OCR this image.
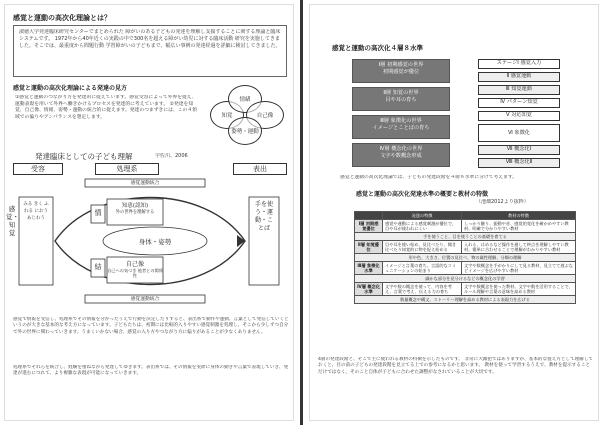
感覚と運動の高次化理論とは？
淑徳大学発達臨床研究センターでまとめられた 障がいのある子どもの発達を理解し支援することに関する理論と臨床システムです。 1972年から40年近くの実践の中で300名を超える障がい幼児に対する臨床活動 研究を実施してきました。そこでは、最重度から問題行動 学習障がいの子どもまで、幅広い事例の発達経過を詳細に検討してきました。
感覚と運動の高次化理論による発達の見方
①感覚と運動のつながり方を発達的に捉えています。感覚受容によって外界を捉え、運動表現を用いて外界へ働きかけるプロセスを発達的に考えています。 ②発達を知覚、自己像、情緒、姿勢・運動の統合的に捉えます。発達のつまずきには、この４領域での偏りやアンバランスを想定します。	知覚
情緒
自己像
姿勢・運動
発達臨床としての子ども理解	宇佐川、2006
受容	処理系	表出
感覚・知覚
みる きく ふれる におう あじわう
手を使う・運動・ことば
感覚運動統合
感覚運動統合
知恵(認知)
外の世界を理解する
情
結
身体・姿勢
自己像
自己への気づき 他者との関係性
感覚で情報を受信し、処理系でその情報を分かったうえで行動を決定したりすると、表出系で動作や運動、言葉として発信していくというのが大きな基本的な考え方になっています。子どもたちは、初期には比較的入りやすい感覚刺激を処理し、そこから少しずつ自分で外の世界に関わっていきます。うまくいかない場合、感覚の入り方やつながり方に偏りがあることが少なくありません。
処理系でそれらを統合し、経験を重ねながら発達してゆきます。表出系では、その情報を実際に身体の動きや言葉で表現していき、発達が進むにつれて、より複雑な表現が可能になっていきます。
感覚と運動の高次化４層８水準
Ⅰ層 初期感覚の世界
初期感覚が優位
Ⅱ層 知覚の世界
目や耳の育ち
Ⅲ層 象徴化の世界
イメージとことばの育ち
Ⅳ層 概念化の世界
文字や数概念形成
ステージⅠ 感覚入力
Ⅱ 感覚運動
Ⅲ 知覚運動
Ⅳ パターン知覚
Ⅴ 対応知覚
Ⅵ 象徴化
Ⅶ 概念化Ⅰ
Ⅷ 概念化Ⅱ
感覚と運動の高次化理論では、子どもの発達段階を４層８水準に分けて考えます。
感覚と運動の高次化発達水準の概要と教材の特徴
（池畑2012より抜粋）
	発達の特徴	教材の特徴
Ⅰ層 初期感覚優位	感覚や運動による感覚刺激が優位で、目や耳が使われにくい	しっかり触り、振動や音、感覚的変化を確かめやすい教材。明確で分かりやすい教材
手を使うこと、目を使うことの基礎を育てる		
Ⅱ層 知覚優位	目や耳を使い始め、見比べたり、聞き比べたり知覚的に物を捉え始める	入れる、はめるなど操作を通して終点を理解しやすい教材。簡単に合わせることで理解がわかりやすい教材
形や色、大きさ、位置の見比べ、物の属性理解、分類の理解		
Ⅲ層 象徴化水準	イメージと言葉の育ち。言語的なコミュニケーションの始まり	文字や数概念を手がかりにして見る教材、見立てて遊ぶなどイメージを広げやすい教材
細かな部分を見分けるなどの概念化の学習		
Ⅳ層 概念化水準	文字や数の概念を使って、内容を考え、言葉で考え、伝える力の育ち	文字や数概念を使った教材。文字や数を活用することで、ルール理解や言葉の意味を高める教材
数量概念や構文、ストーリー理解を高める教材による表現力を広げる		
4層の発達段階と、そこで主に使われる教材の特徴を示したものです。 非常に大雑把ではありますが、基本的な捉え方として理解しておくと、目の前の子どもの発達段階を見立てる上での参考になるかと思います。 教材を使って学習するうえで、教材を提示することだけではなく、そのこと自体が子どもに合わせた調整がなされていることが大切です。
